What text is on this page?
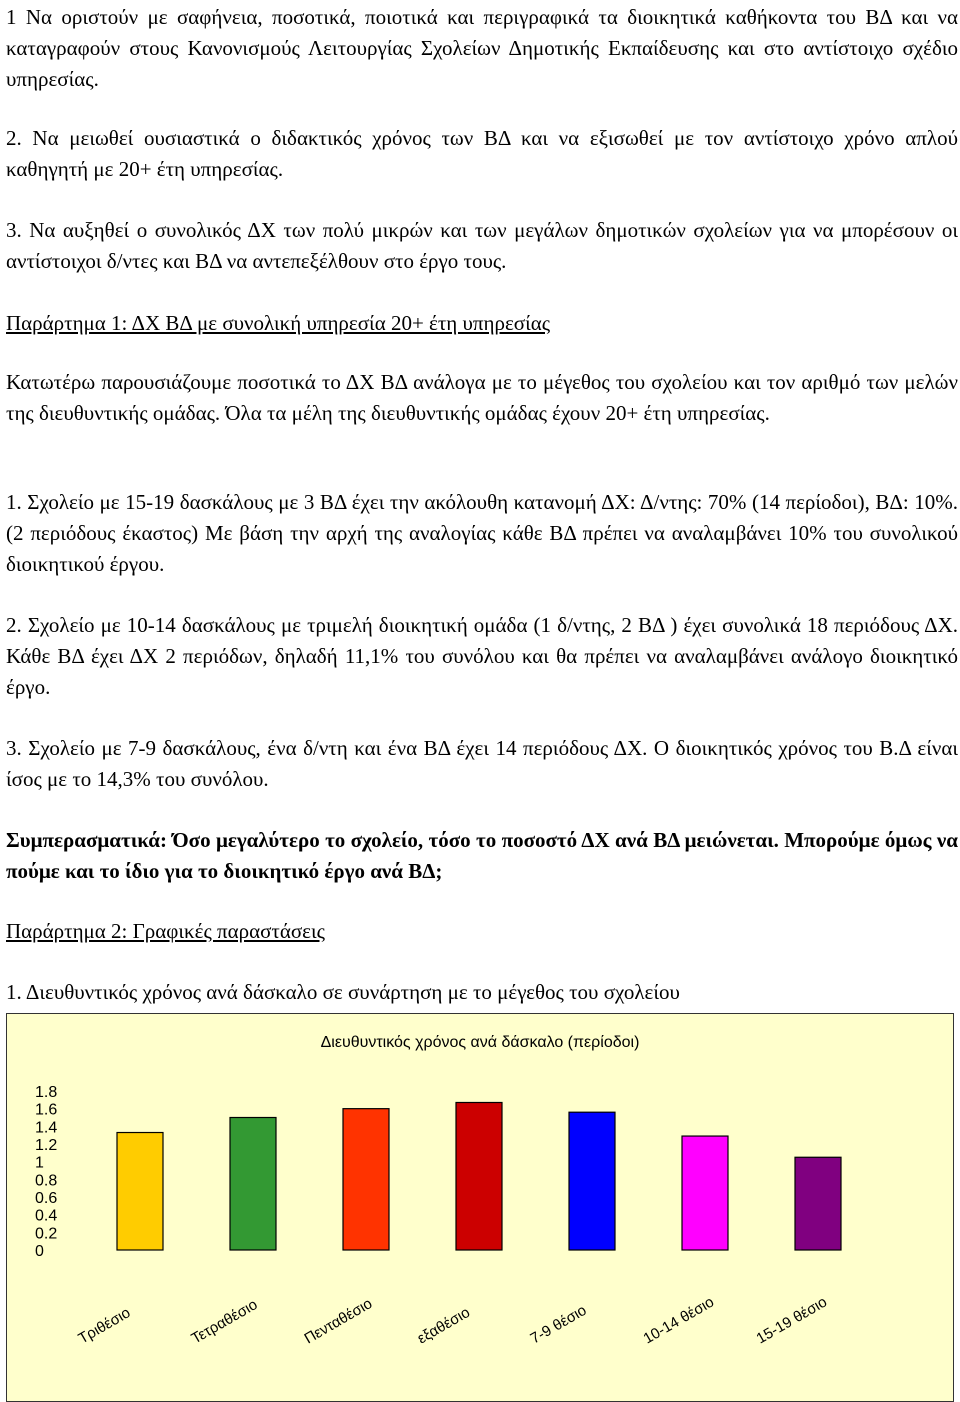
1 Να οριστούν με σαφήνεια, ποσοτικά, ποιοτικά και περιγραφικά τα διοικητικά καθήκοντα του ΒΔ και να καταγραφούν στους Κανονισμούς Λειτουργίας Σχολείων Δημοτικής Εκπαίδευσης και στο αντίστοιχο σχέδιο υπηρεσίας.
2. Να μειωθεί ουσιαστικά ο διδακτικός χρόνος των ΒΔ και να εξισωθεί με τον αντίστοιχο χρόνο απλού καθηγητή με 20+ έτη υπηρεσίας.
3. Να αυξηθεί ο συνολικός ΔΧ των πολύ μικρών και των μεγάλων δημοτικών σχολείων για να μπορέσουν οι αντίστοιχοι δ/ντες και ΒΔ να αντεπεξέλθουν στο έργο τους.
Παράρτημα 1: ΔΧ ΒΔ με συνολική υπηρεσία 20+ έτη υπηρεσίας
Κατωτέρω παρουσιάζουμε ποσοτικά το ΔΧ ΒΔ ανάλογα με το μέγεθος του σχολείου και τον αριθμό των μελών της διευθυντικής ομάδας. Όλα τα μέλη της διευθυντικής ομάδας έχουν 20+ έτη υπηρεσίας.
1. Σχολείο με 15-19 δασκάλους με 3 ΒΔ έχει την ακόλουθη κατανομή ΔΧ: Δ/ντης: 70% (14 περίοδοι), ΒΔ: 10%.(2 περιόδους έκαστος) Με βάση την αρχή της αναλογίας κάθε ΒΔ πρέπει να αναλαμβάνει 10% του συνολικού διοικητικού έργου.
2. Σχολείο με 10-14 δασκάλους με τριμελή διοικητική ομάδα (1 δ/ντης, 2 ΒΔ ) έχει συνολικά 18 περιόδους ΔΧ. Κάθε ΒΔ έχει ΔΧ 2 περιόδων, δηλαδή 11,1% του συνόλου και θα πρέπει να αναλαμβάνει ανάλογο διοικητικό έργο.
3. Σχολείο με 7-9 δασκάλους, ένα δ/ντη και ένα ΒΔ έχει 14 περιόδους ΔΧ. Ο διοικητικός χρόνος του Β.Δ είναι ίσος με το 14,3% του συνόλου.
Συμπερασματικά: Όσο μεγαλύτερο το σχολείο, τόσο το ποσοστό ΔΧ ανά ΒΔ μειώνεται. Μπορούμε όμως να πούμε και το ίδιο για το διοικητικό έργο ανά ΒΔ;
Παράρτημα 2: Γραφικές παραστάσεις
1. Διευθυντικός χρόνος ανά δάσκαλο σε συνάρτηση με το μέγεθος του σχολείου
Διευθυντικός χρόνος ανά δάσκαλο (περίοδοι)
1.8
1.6
1.4
1.2
1
0.8
0.6
0.4
0.2
0
Τριθέσιο	Τετραθέσιο	Πενταθέσιο	εξαθέσιο	7-9 θέσιο	10-14 θέσιο 15-19 θέσιο
